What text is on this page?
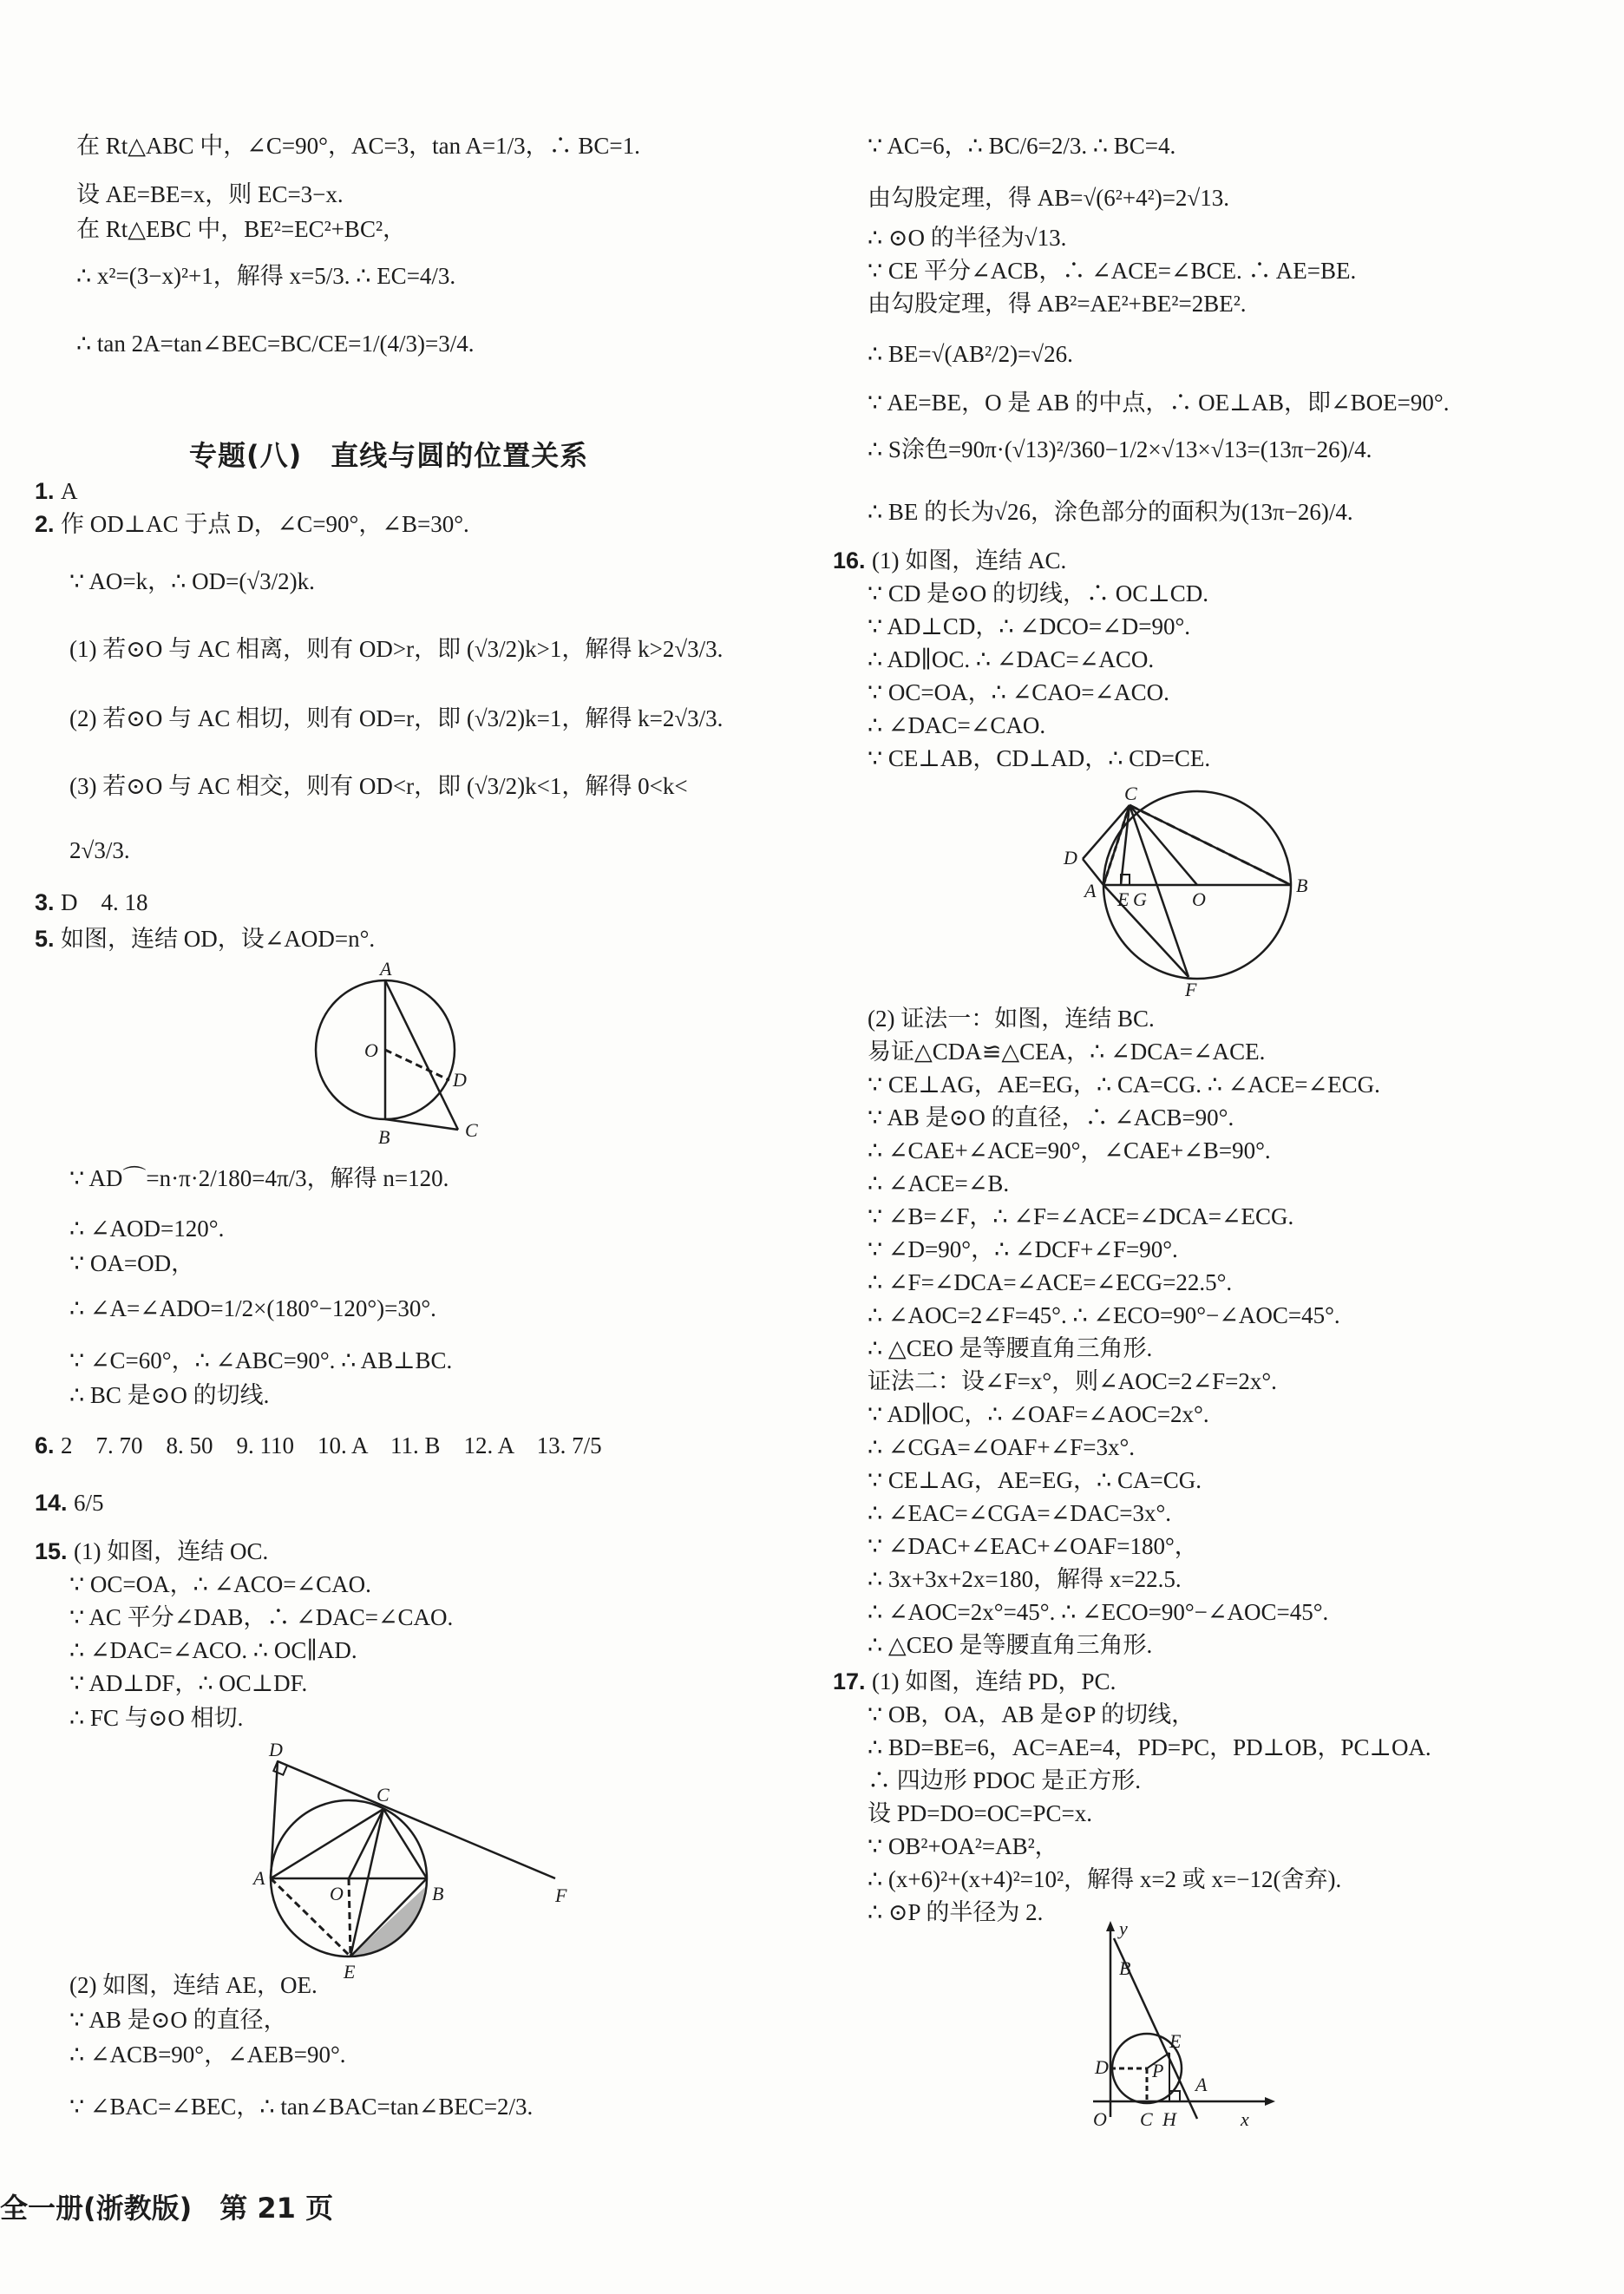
在 Rt△ABC 中，∠C=90°，AC=3，tan A=1/3，∴ BC=1.
设 AE=BE=x，则 EC=3−x.
在 Rt△EBC 中，BE²=EC²+BC²，
∴ x²=(3−x)²+1，解得 x=5/3. ∴ EC=4/3.
∴ tan 2A=tan∠BEC=BC/CE=1/(4/3)=3/4.
专题(八)　直线与圆的位置关系
1. A
2. 作 OD⊥AC 于点 D，∠C=90°，∠B=30°.
∵ AO=k，∴ OD=(√3/2)k.
(1) 若⊙O 与 AC 相离，则有 OD>r，即 (√3/2)k>1，解得 k>2√3/3.
(2) 若⊙O 与 AC 相切，则有 OD=r，即 (√3/2)k=1，解得 k=2√3/3.
(3) 若⊙O 与 AC 相交，则有 OD<r，即 (√3/2)k<1，解得 0<k<
2√3/3.
3. D　4. 18
5. 如图，连结 OD，设∠AOD=n°.
∵ AD⌒=n·π·2/180=4π/3，解得 n=120.
∴ ∠AOD=120°.
∵ OA=OD，
∴ ∠A=∠ADO=1/2×(180°−120°)=30°.
∵ ∠C=60°，∴ ∠ABC=90°. ∴ AB⊥BC.
∴ BC 是⊙O 的切线.
6. 2　7. 70　8. 50　9. 110　10. A　11. B　12. A　13. 7/5
14. 6/5
15. (1) 如图，连结 OC.
∵ OC=OA，∴ ∠ACO=∠CAO.
∵ AC 平分∠DAB，∴ ∠DAC=∠CAO.
∴ ∠DAC=∠ACO. ∴ OC∥AD.
∵ AD⊥DF，∴ OC⊥DF.
∴ FC 与⊙O 相切.
(2) 如图，连结 AE，OE.
∵ AB 是⊙O 的直径，
∴ ∠ACB=90°，∠AEB=90°.
∵ ∠BAC=∠BEC，∴ tan∠BAC=tan∠BEC=2/3.
A
O
D
B	C
D
C
A
O	B	F
E
∵ AC=6，∴ BC/6=2/3. ∴ BC=4.
由勾股定理，得 AB=√(6²+4²)=2√13.
∴ ⊙O 的半径为√13.
∵ CE 平分∠ACB，∴ ∠ACE=∠BCE. ∴ AE=BE.
由勾股定理，得 AB²=AE²+BE²=2BE².
∴ BE=√(AB²/2)=√26.
∵ AE=BE，O 是 AB 的中点，∴ OE⊥AB，即∠BOE=90°.
∴ S涂色=90π·(√13)²/360−1/2×√13×√13=(13π−26)/4.
∴ BE 的长为√26，涂色部分的面积为(13π−26)/4.
16. (1) 如图，连结 AC.
∵ CD 是⊙O 的切线，∴ OC⊥CD.
∵ AD⊥CD，∴ ∠DCO=∠D=90°.
∴ AD∥OC. ∴ ∠DAC=∠ACO.
∵ OC=OA，∴ ∠CAO=∠ACO.
∴ ∠DAC=∠CAO.
∵ CE⊥AB，CD⊥AD，∴ CD=CE.
(2) 证法一：如图，连结 BC.
易证△CDA≌△CEA，∴ ∠DCA=∠ACE.
∵ CE⊥AG，AE=EG，∴ CA=CG. ∴ ∠ACE=∠ECG.
∵ AB 是⊙O 的直径，∴ ∠ACB=90°.
∴ ∠CAE+∠ACE=90°，∠CAE+∠B=90°.
∴ ∠ACE=∠B.
∵ ∠B=∠F，∴ ∠F=∠ACE=∠DCA=∠ECG.
∵ ∠D=90°，∴ ∠DCF+∠F=90°.
∴ ∠F=∠DCA=∠ACE=∠ECG=22.5°.
∴ ∠AOC=2∠F=45°. ∴ ∠ECO=90°−∠AOC=45°.
∴ △CEO 是等腰直角三角形.
证法二：设∠F=x°，则∠AOC=2∠F=2x°.
∵ AD∥OC，∴ ∠OAF=∠AOC=2x°.
∴ ∠CGA=∠OAF+∠F=3x°.
∵ CE⊥AG，AE=EG，∴ CA=CG.
∴ ∠EAC=∠CGA=∠DAC=3x°.
∵ ∠DAC+∠EAC+∠OAF=180°，
∴ 3x+3x+2x=180，解得 x=22.5.
∴ ∠AOC=2x°=45°. ∴ ∠ECO=90°−∠AOC=45°.
∴ △CEO 是等腰直角三角形.
17. (1) 如图，连结 PD，PC.
∵ OB，OA，AB 是⊙P 的切线，
∴ BD=BE=6，AC=AE=4，PD=PC，PD⊥OB，PC⊥OA.
∴ 四边形 PDOC 是正方形.
设 PD=DO=OC=PC=x.
∵ OB²+OA²=AB²，
∴ (x+6)²+(x+4)²=10²，解得 x=2 或 x=−12(舍弃).
∴ ⊙P 的半径为 2.
C
D
A E G O
B
F
y
B
E
D P
A
O C H	x
全一册(浙教版)　第 21 页
